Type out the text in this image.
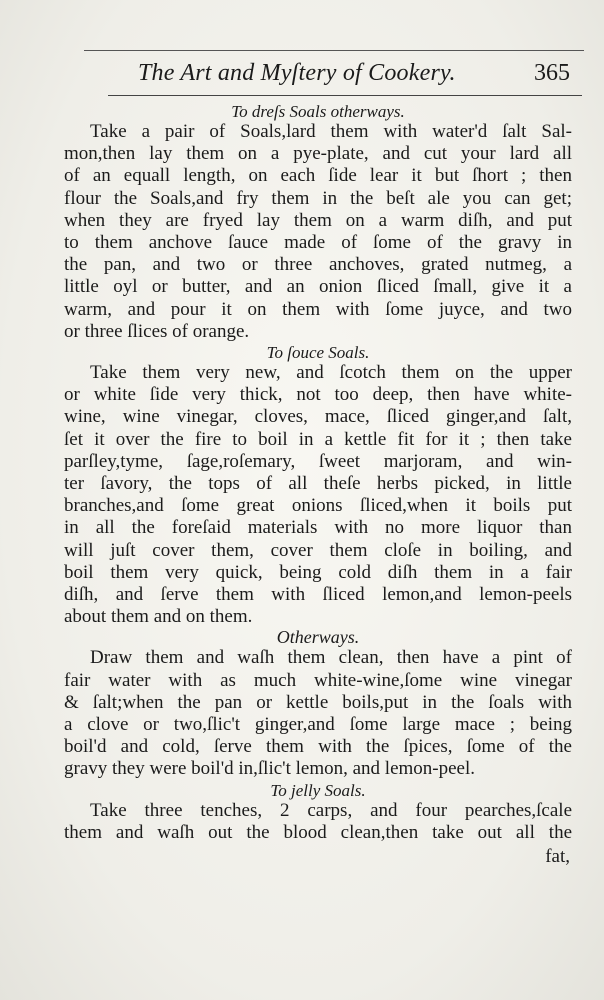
The Art and Myſtery of Cookery.	365

To dreſs Soals otherways.

Take a pair of Soals,lard them with water'd ſalt Sal-
mon,then lay them on a pye-plate, and cut your lard all
of an equall length, on each ſide lear it but ſhort ; then
flour the Soals,and fry them in the beſt ale you can get;
when they are fryed lay them on a warm diſh, and put
to them anchove ſauce made of ſome of the gravy in
the pan, and two or three anchoves, grated nutmeg, a
little oyl or butter, and an onion ſliced ſmall, give it a
warm, and pour it on them with ſome juyce, and two
or three ſlices of orange.

To ſouce Soals.

Take them very new, and ſcotch them on the upper
or white ſide very thick, not too deep, then have white-
wine, wine vinegar, cloves, mace, ſliced ginger,and ſalt,
ſet it over the fire to boil in a kettle fit for it ; then take
parſley,tyme, ſage,roſemary, ſweet marjoram, and win-
ter ſavory, the tops of all theſe herbs picked, in little
branches,and ſome great onions ſliced,when it boils put
in all the foreſaid materials with no more liquor than
will juſt cover them, cover them cloſe in boiling, and
boil them very quick, being cold diſh them in a fair
diſh, and ſerve them with ſliced lemon,and lemon-peels
about them and on them.

Otherways.

Draw them and waſh them clean, then have a pint of
fair water with as much white-wine,ſome wine vinegar
& ſalt;when the pan or kettle boils,put in the ſoals with
a clove or two,ſlic't ginger,and ſome large mace ; being
boil'd and cold, ſerve them with the ſpices, ſome of the
gravy they were boil'd in,ſlic't lemon, and lemon-peel.

To jelly Soals.

Take three tenches, 2 carps, and four pearches,ſcale
them and waſh out the blood clean,then take out all the
fat,
